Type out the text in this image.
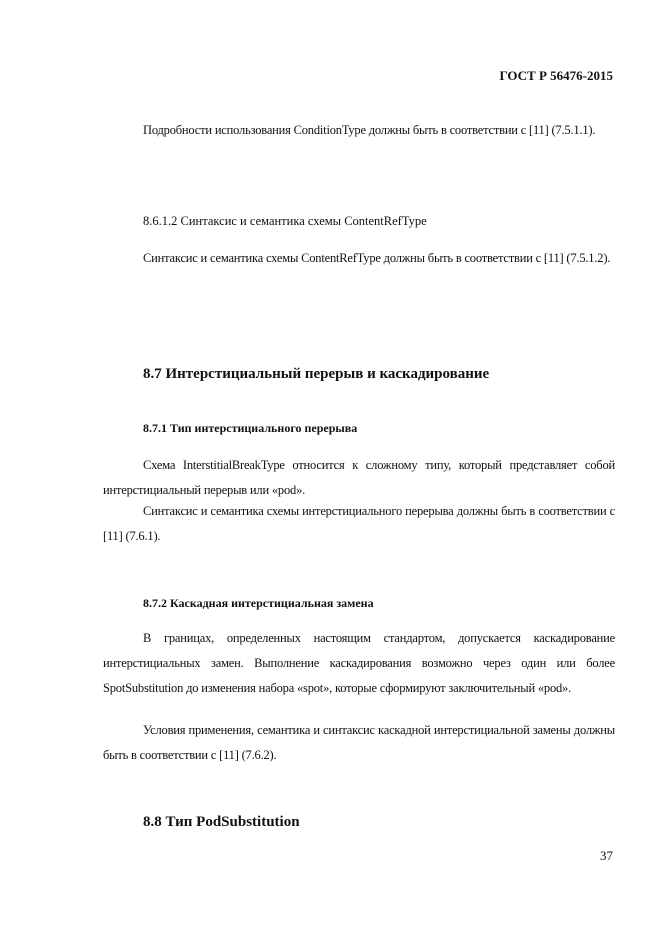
ГОСТ Р 56476-2015

Подробности использования ConditionType должны быть в соответствии с [11] (7.5.1.1).

8.6.1.2 Синтаксис и семантика схемы ContentRefType

Синтаксис и семантика схемы ContentRefType должны быть в соответствии с [11] (7.5.1.2).

8.7 Интерстициальный перерыв и каскадирование
8.7.1 Тип интерстициального перерыва

Схема InterstitialBreakType относится к сложному типу, который представляет собой интерстициальный перерыв или «pod».

Синтаксис и семантика схемы интерстициального перерыва должны быть в соответствии с [11] (7.6.1).

8.7.2 Каскадная интерстициальная замена

В границах, определенных настоящим стандартом, допускается каскадирование интерстициальных замен. Выполнение каскадирования возможно через один или более SpotSubstitution до изменения набора «spot», которые сформируют заключительный «pod».

Условия применения, семантика и синтаксис каскадной интерстициальной замены должны быть в соответствии с [11] (7.6.2).

8.8 Тип PodSubstitution
37
